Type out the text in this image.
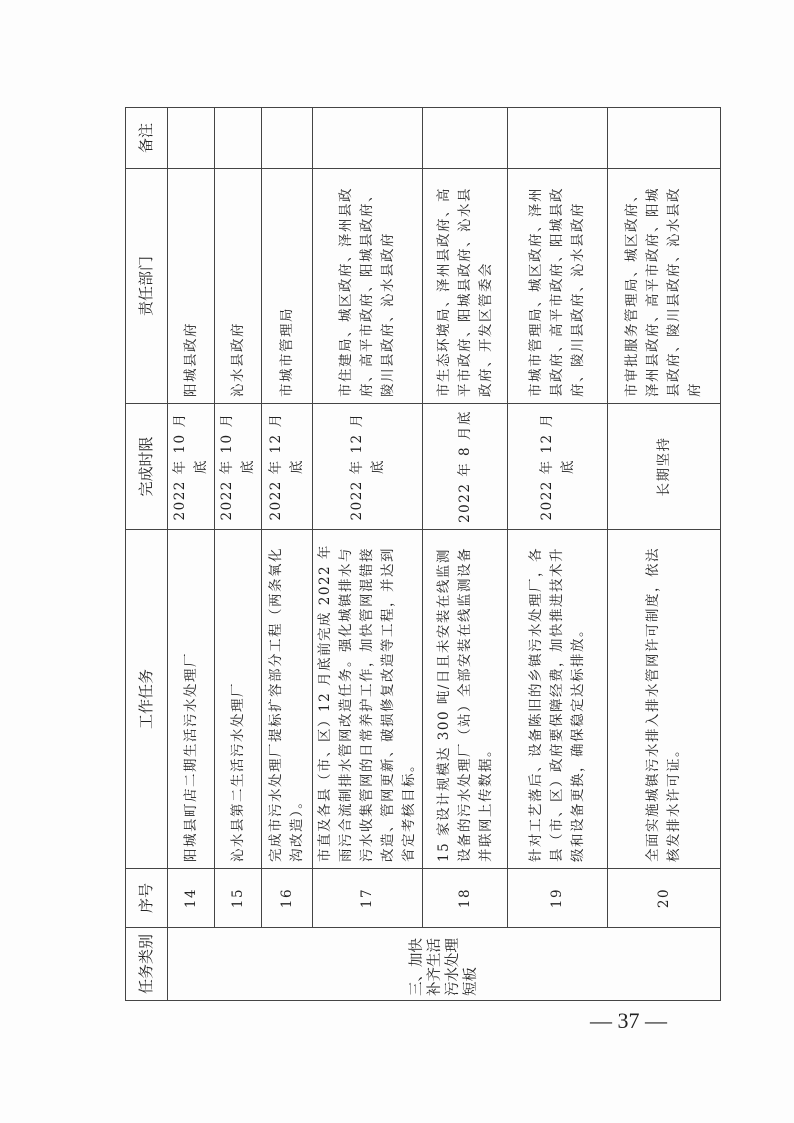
任务类别	序号	工作任务	完成时限	责任部门	备注
三、加快补齐生活污水处理短板	14	阳城县町店二期生活污水处理厂	2022 年 10 月底	阳城县政府	
	15	沁水县第二生活污水处理厂	2022 年 10 月底	沁水县政府	
	16	完成市污水处理厂提标扩容部分工程（两条氧化沟改造）。	2022 年 12 月底	市城市管理局	
	17	市直及各县（市、区）12 月底前完成 2022 年雨污合流制排水管网改造任务。强化城镇排水与污水收集管网的日常养护工作，加快管网混错接改造、管网更新、破损修复改造等工程，并达到省定考核目标。	2022 年 12 月底	市住建局、城区政府、泽州县政府、高平市政府、阳城县政府、陵川县政府、沁水县政府	
	18	15 家设计规模达 300 吨/日且未安装在线监测设备的污水处理厂（站）全部安装在线监测设备并联网上传数据。	2022 年 8 月底	市生态环境局、泽州县政府、高平市政府、阳城县政府、沁水县政府、开发区管委会	
	19	针对工艺落后、设备陈旧的乡镇污水处理厂，各县（市、区）政府要保障经费，加快推进技术升级和设备更换，确保稳定达标排放。	2022 年 12 月底	市城市管理局、城区政府、泽州县政府、高平市政府、阳城县政府、陵川县政府、沁水县政府	
	20	全面实施城镇污水排入排水管网许可制度，依法核发排水许可证。	长期坚持	市审批服务管理局、城区政府、泽州县政府、高平市政府、阳城县政府、陵川县政府、沁水县政府	
— 37 —
